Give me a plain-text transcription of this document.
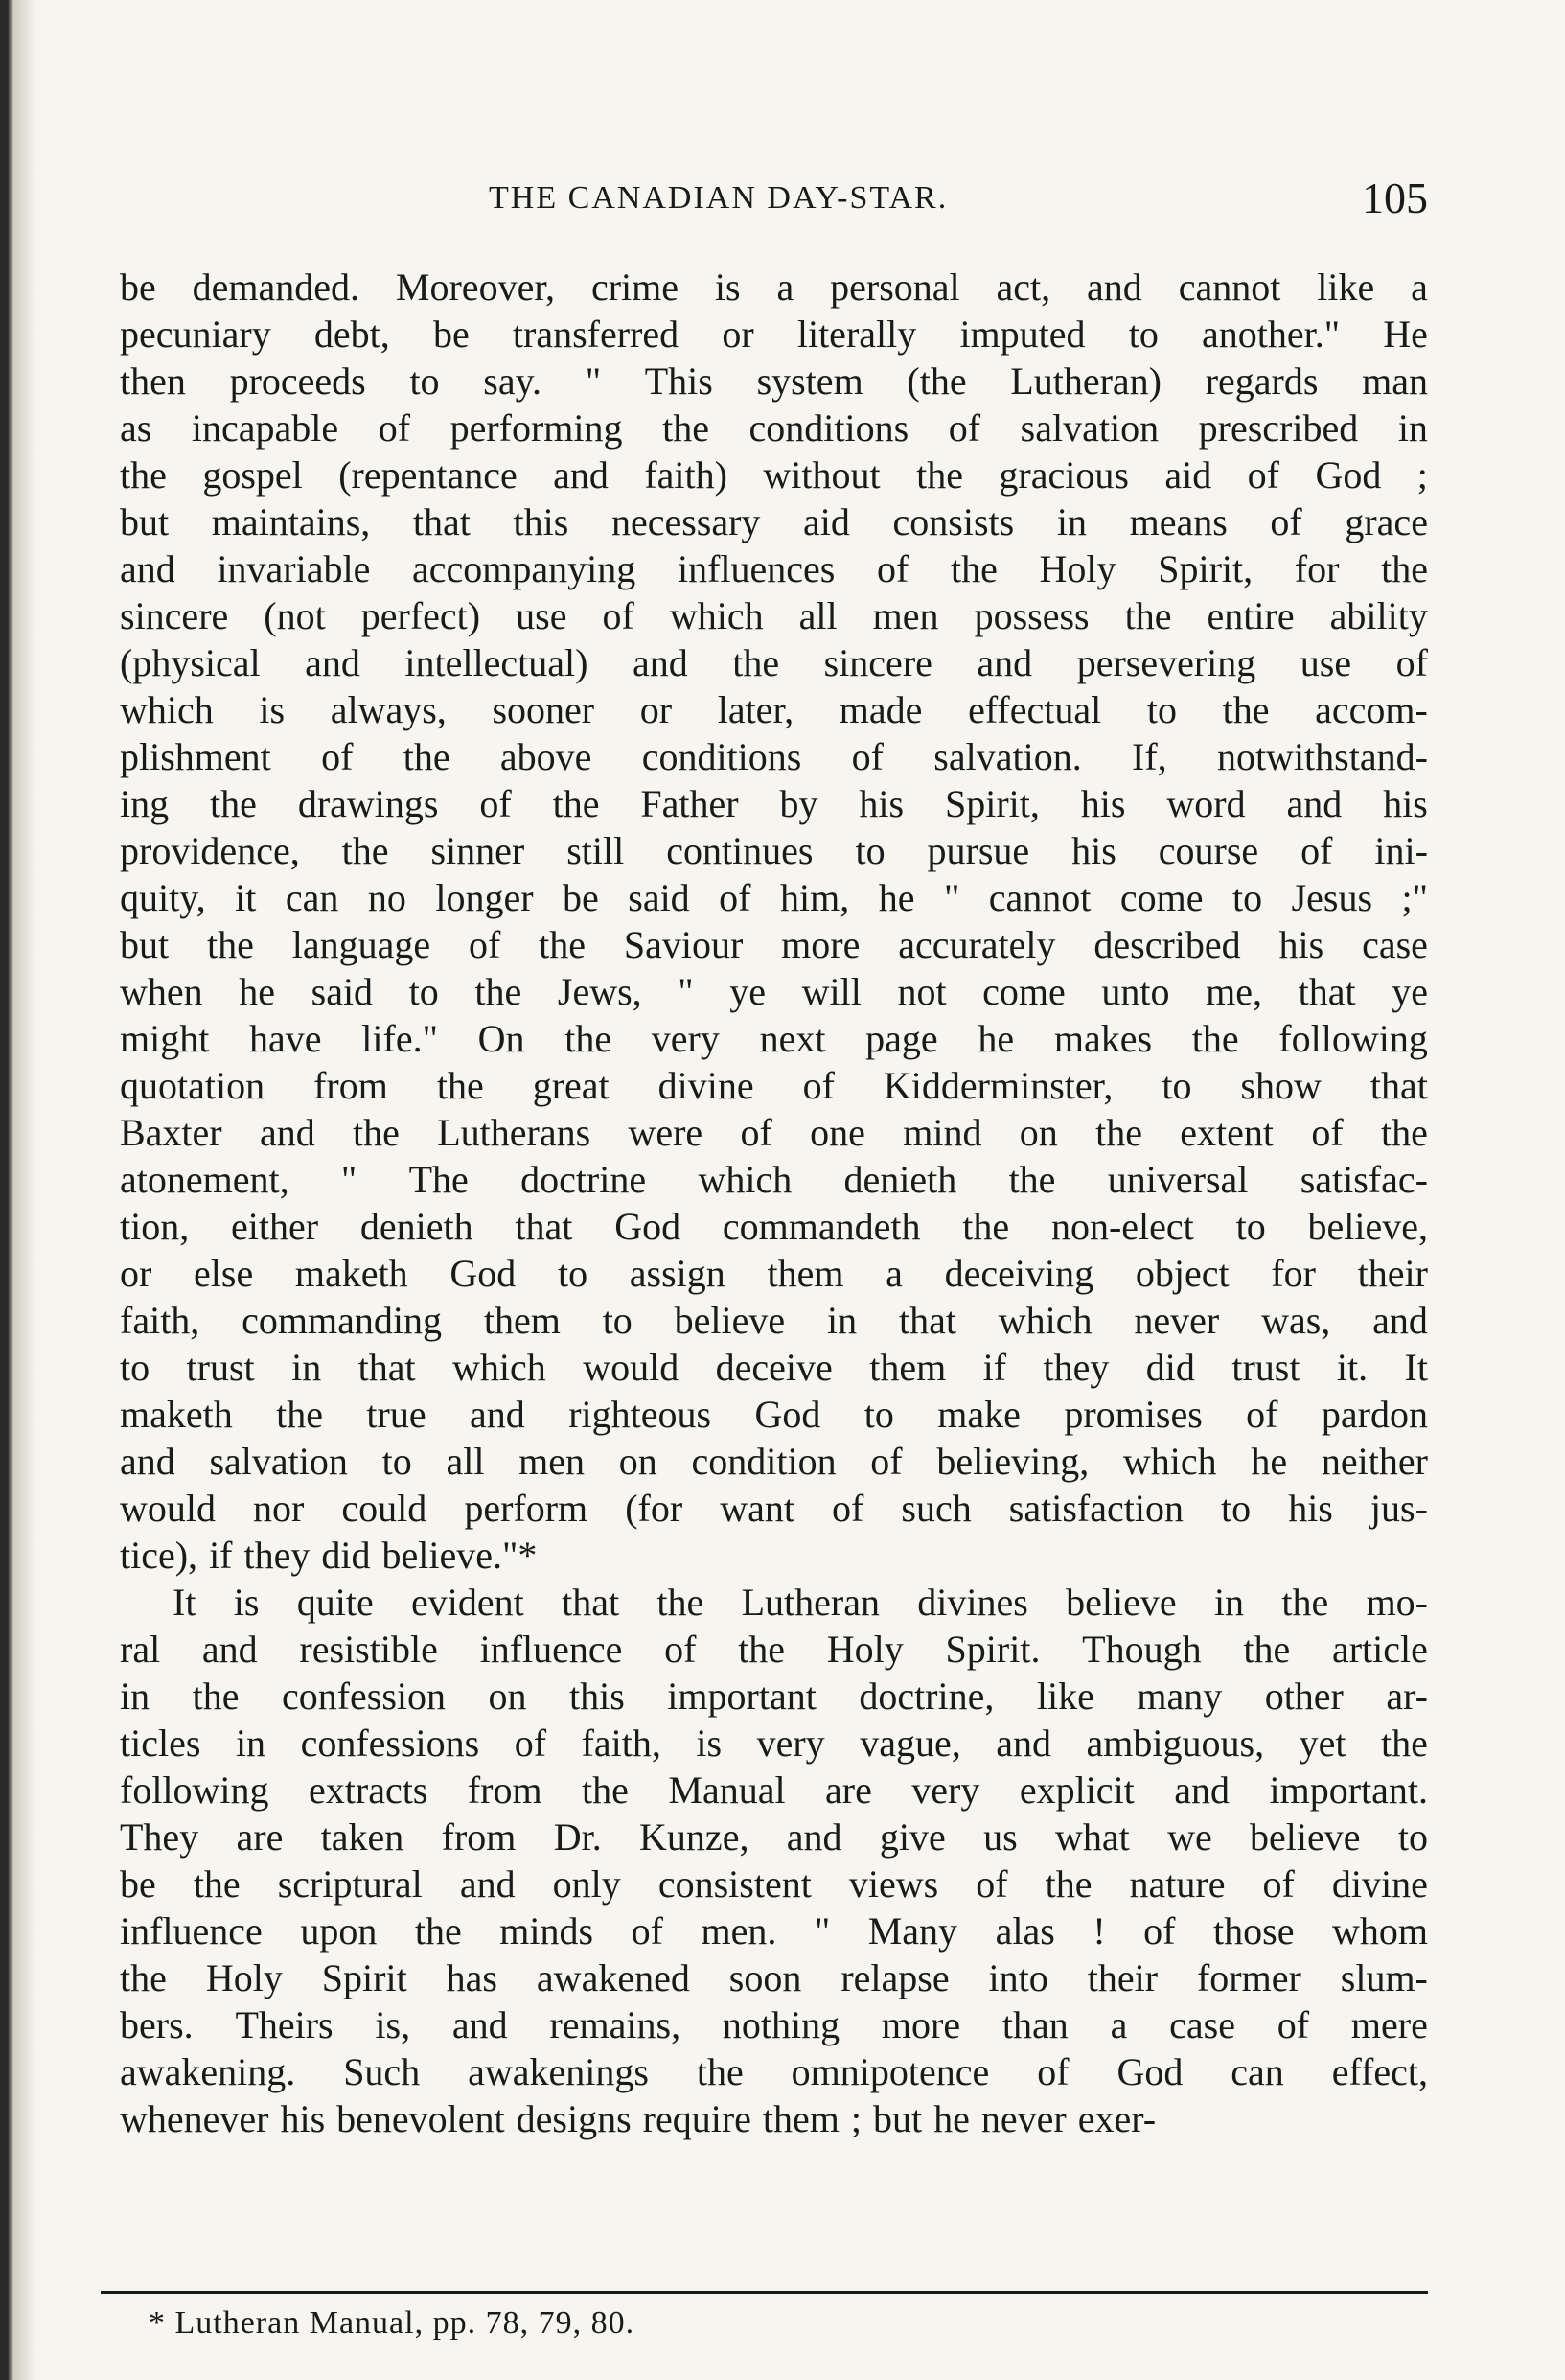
THE CANADIAN DAY-STAR.	105
be demanded. Moreover, crime is a personal act, and cannot like a
pecuniary debt, be transferred or literally imputed to another." He
then proceeds to say. " This system (the Lutheran) regards man
as incapable of performing the conditions of salvation prescribed in
the gospel (repentance and faith) without the gracious aid of God ;
but maintains, that this necessary aid consists in means of grace
and invariable accompanying influences of the Holy Spirit, for the
sincere (not perfect) use of which all men possess the entire ability
(physical and intellectual) and the sincere and persevering use of
which is always, sooner or later, made effectual to the accom-
plishment of the above conditions of salvation. If, notwithstand-
ing the drawings of the Father by his Spirit, his word and his
providence, the sinner still continues to pursue his course of ini-
quity, it can no longer be said of him, he " cannot come to Jesus ;"
but the language of the Saviour more accurately described his case
when he said to the Jews, " ye will not come unto me, that ye
might have life." On the very next page he makes the following
quotation from the great divine of Kidderminster, to show that
Baxter and the Lutherans were of one mind on the extent of the
atonement, " The doctrine which denieth the universal satisfac-
tion, either denieth that God commandeth the non-elect to believe,
or else maketh God to assign them a deceiving object for their
faith, commanding them to believe in that which never was, and
to trust in that which would deceive them if they did trust it. It
maketh the true and righteous God to make promises of pardon
and salvation to all men on condition of believing, which he neither
would nor could perform (for want of such satisfaction to his jus-
tice), if they did believe."*
It is quite evident that the Lutheran divines believe in the mo-
ral and resistible influence of the Holy Spirit. Though the article
in the confession on this important doctrine, like many other ar-
ticles in confessions of faith, is very vague, and ambiguous, yet the
following extracts from the Manual are very explicit and important.
They are taken from Dr. Kunze, and give us what we believe to
be the scriptural and only consistent views of the nature of divine
influence upon the minds of men. " Many alas ! of those whom
the Holy Spirit has awakened soon relapse into their former slum-
bers. Theirs is, and remains, nothing more than a case of mere
awakening. Such awakenings the omnipotence of God can effect,
whenever his benevolent designs require them ; but he never exer-
* Lutheran Manual, pp. 78, 79, 80.
